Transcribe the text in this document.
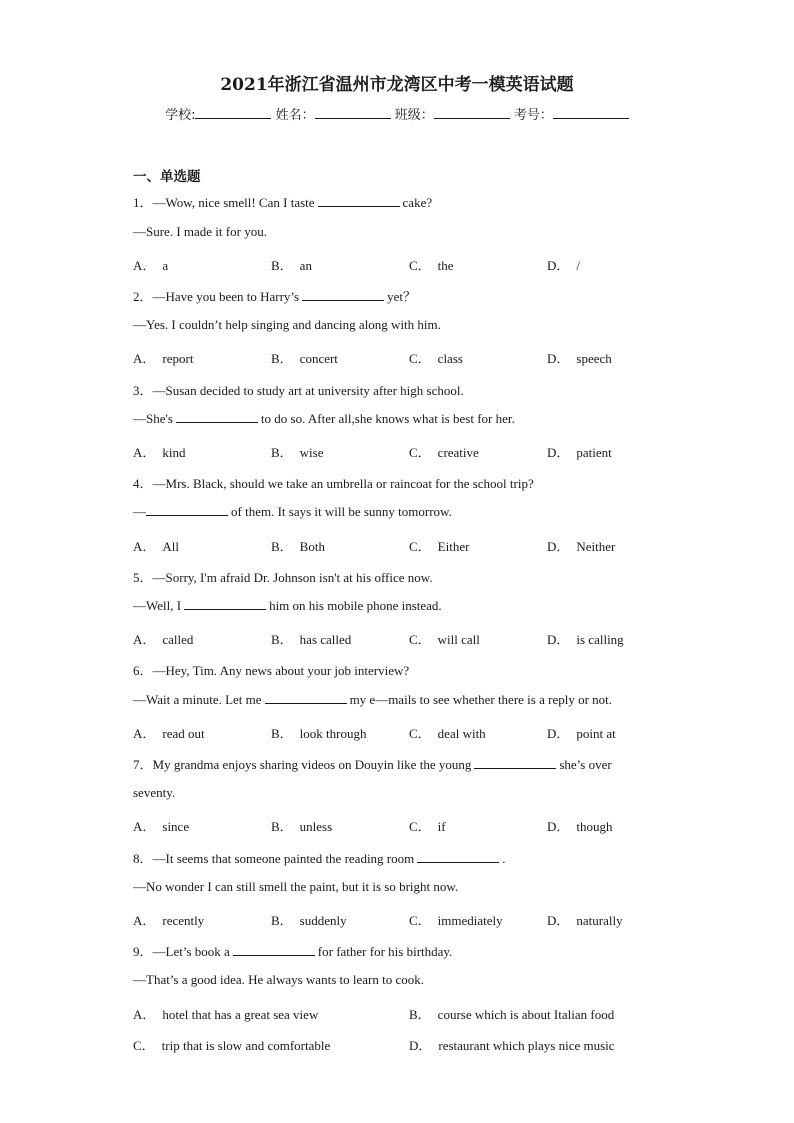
2021年浙江省温州市龙湾区中考一模英语试题
学校:	姓名：	班级：	考号：
一、单选题
1．—Wow, nice smell! Can I taste	cake?
—Sure. I made it for you.
A． a	B． an	C． the	D． /
2．—Have you been to Harry’s	yet？
—Yes. I couldn’t help singing and dancing along with him.
A． report	B． concert	C． class	D． speech
3．—Susan decided to study art at university after high school.
—She's	to do so. After all,she knows what is best for her.
A． kind	B． wise	C． creative	D． patient
4．—Mrs. Black, should we take an umbrella or raincoat for the school trip?
—	of them. It says it will be sunny tomorrow.
A． All	B． Both	C． Either	D． Neither
5．—Sorry, I'm afraid Dr. Johnson isn't at his office now.
—Well, I	him on his mobile phone instead.
A． called	B． has called	C． will call	D． is calling
6．—Hey, Tim. Any news about your job interview?
—Wait a minute. Let me	my e—mails to see whether there is a reply or not.
A． read out	B． look through	C． deal with	D． point at
7．My grandma enjoys sharing videos on Douyin like the young	she’s over
seventy.
A． since	B． unless	C． if	D． though
8．—It seems that someone painted the reading room	.
—No wonder I can still smell the paint, but it is so bright now.
A． recently	B． suddenly	C． immediately	D． naturally
9．—Let’s book a	for father for his birthday.
—That’s a good idea. He always wants to learn to cook.
A． hotel that has a great sea view	B． course which is about Italian food
C． trip that is slow and comfortable	D． restaurant which plays nice music
